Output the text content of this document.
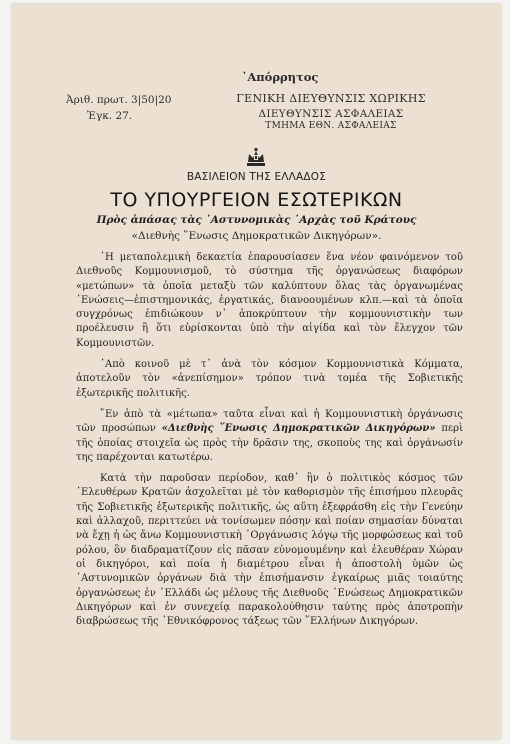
᾿Απόρρητος
Ἀριθ. πρωτ. 3|50|20
Ἐγκ. 27.
ΓΕΝΙΚΗ ΔΙΕΥΘΥΝΣΙΣ ΧΩΡΙΚΗΣ
ΔΙΕΥΘΥΝΣΙΣ ΑΣΦΑΛΕΙΑΣ
ΤΜΗΜΑ ΕΘΝ. ΑΣΦΑΛΕΙΑΣ
ΒΑΣΙΛΕΙΟΝ ΤΗΣ ΕΛΛΑΔΟΣ
ΤΟ ΥΠΟΥΡΓΕΙΟΝ ΕΣΩΤΕΡΙΚΩΝ
Πρὸς ἁπάσας τὰς ᾿Αστυνομικὰς ᾿Αρχὰς τοῦ Κράτους
«Διεθνὴς ῞Ενωσις Δημοκρατικῶν Δικηγόρων».

῾Η μεταπολεμικὴ δεκαετία ἐπαρουσίασεν ἕνα νέον φαινόμενον τοῦ Διεθνοῦς Κομμουνισμοῦ, τὸ σύστημα τῆς ὀργανώσεως διαφόρων «μετώπων» τὰ ὁποῖα μεταξὺ τῶν καλύπτουν ὅλας τὰς ὀργανωμένας ᾿Ενώσεις—ἐπιστημονικάς, ἐργατικάς, διανοουμένων κλπ.—καὶ τὰ ὁποῖα συγχρόνως ἐπιδιώκουν ν᾿ ἀποκρύπτουν τὴν κομμουνιστικὴν των προέλευσιν ἢ ὅτι εὑρίσκονται ὑπὸ τὴν αἰγίδα καὶ τὸν ἔλεγχον τῶν Κομμουνιστῶν.

᾿Απὸ κοινοῦ μὲ τ᾿ ἀνὰ τὸν κόσμον Κομμουνιστικὰ Κόμματα, ἀποτελοῦν τὸν «ἀνεπίσημον» τρόπον τινὰ τομέα τῆς Σοβιετικῆς ἐξωτερικῆς πολιτικῆς.

῞Εν ἀπὸ τὰ «μέτωπα» ταῦτα εἶναι καὶ ἡ Κομμουνιστικὴ ὀργάνωσις τῶν προσώπων «Διεθνὴς ῞Ενωσις Δημοκρατικῶν Δικηγόρων» περὶ τῆς ὁποίας στοιχεῖα ὡς πρὸς τὴν δρᾶσιν της, σκοποὺς της καὶ ὀργάνωσίν της παρέχονται κατωτέρω.

Κατὰ τὴν παροῦσαν περίοδον, καθ᾿ ἣν ὁ πολιτικὸς κόσμος τῶν ᾿Ελευθέρων Κρατῶν ἀσχολεῖται μὲ τὸν καθορισμὸν τῆς ἐπισήμου πλευρᾶς τῆς Σοβιετικῆς ἐξωτερικῆς πολιτικῆς, ὡς αὕτη ἐξεφράσθη εἰς τὴν Γενεύην καὶ ἀλλαχοῦ, περιττεύει νὰ τονίσωμεν πόσην καὶ ποίαν σημασίαν δύναται νὰ ἔχῃ ἡ ὡς ἄνω Κομμουνιστικὴ ᾿Οργάνωσις λόγῳ τῆς μορφώσεως καὶ τοῦ ρόλου, ὃν διαδραματίζουν εἰς πᾶσαν εὐνομουμένην καὶ ἐλευθέραν Χώραν οἱ δικηγόροι, καὶ ποία ἡ διαμέτρου εἶναι ἡ ἀποστολὴ ὑμῶν ὡς ᾿Αστυνομικῶν ὀργάνων διὰ τὴν ἐπισήμανσιν ἐγκαίρως μιᾶς τοιαύτης ὀργανώσεως ἐν ῾Ελλάδι ὡς μέλους τῆς Διεθνοῦς ᾿Ενώσεως Δημοκρατικῶν Δικηγόρων καὶ ἐν συνεχείᾳ παρακολούθησιν ταύτης πρὸς ἀποτροπὴν διαβρώσεως τῆς ᾿Εθνικόφρονος τάξεως τῶν ῞Ελλήνων Δικηγόρων.
